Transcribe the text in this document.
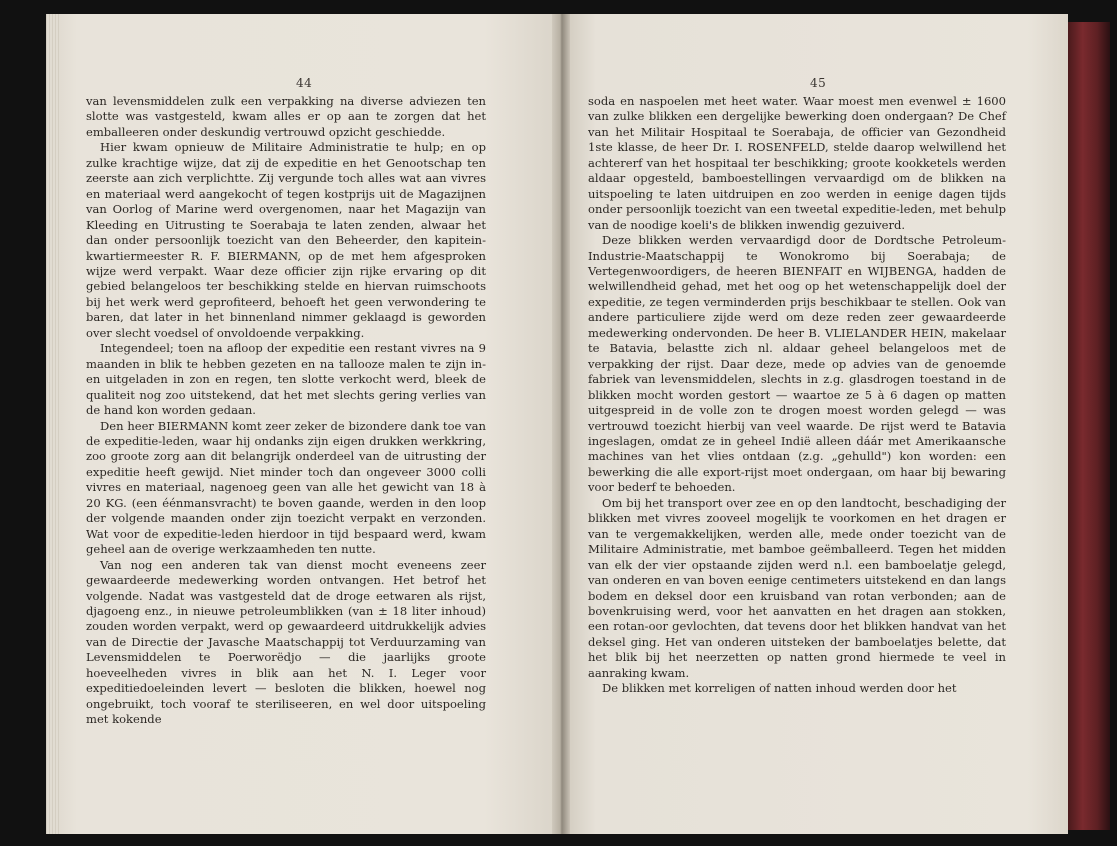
44	45

van levensmiddelen zulk een verpakking na diverse adviezen ten slotte was vastgesteld, kwam alles er op aan te zorgen dat het emballeeren onder deskundig vertrouwd opzicht geschiedde.

Hier kwam opnieuw de Militaire Administratie te hulp; en op zulke krachtige wijze, dat zij de expeditie en het Genootschap ten zeerste aan zich verplichtte. Zij vergunde toch alles wat aan vivres en materiaal werd aangekocht of tegen kostprijs uit de Magazijnen van Oorlog of Marine werd overgenomen, naar het Magazijn van Kleeding en Uitrusting te Soerabaja te laten zenden, alwaar het dan onder persoonlijk toezicht van den Beheerder, den kapitein-kwartiermeester R. F. BIERMANN, op de met hem afgesproken wijze werd verpakt. Waar deze officier zijn rijke ervaring op dit gebied belangeloos ter beschikking stelde en hiervan ruimschoots bij het werk werd geprofiteerd, behoeft het geen verwondering te baren, dat later in het binnenland nimmer geklaagd is geworden over slecht voedsel of onvoldoende verpakking.

Integendeel; toen na afloop der expeditie een restant vivres na 9 maanden in blik te hebben gezeten en na tallooze malen te zijn in- en uitgeladen in zon en regen, ten slotte verkocht werd, bleek de qualiteit nog zoo uitstekend, dat het met slechts gering verlies van de hand kon worden gedaan.

Den heer BIERMANN komt zeer zeker de bizondere dank toe van de expeditie-leden, waar hij ondanks zijn eigen drukken werkkring, zoo groote zorg aan dit belangrijk onderdeel van de uitrusting der expeditie heeft gewijd. Niet minder toch dan ongeveer 3000 colli vivres en materiaal, nagenoeg geen van alle het gewicht van 18 à 20 KG. (een éénmansvracht) te boven gaande, werden in den loop der volgende maanden onder zijn toezicht verpakt en verzonden. Wat voor de expeditie-leden hierdoor in tijd bespaard werd, kwam geheel aan de overige werkzaamheden ten nutte.

Van nog een anderen tak van dienst mocht eveneens zeer gewaardeerde medewerking worden ontvangen. Het betrof het volgende. Nadat was vastgesteld dat de droge eetwaren als rijst, djagoeng enz., in nieuwe petroleumblikken (van ± 18 liter inhoud) zouden worden verpakt, werd op gewaardeerd uitdrukkelijk advies van de Directie der Javasche Maatschappij tot Verduurzaming van Levensmiddelen te Poerworëdjo — die jaarlijks groote hoeveelheden vivres in blik aan het N. I. Leger voor expeditiedoeleinden levert — besloten die blikken, hoewel nog ongebruikt, toch vooraf te steriliseeren, en wel door uitspoeling met kokende

soda en naspoelen met heet water. Waar moest men evenwel ± 1600 van zulke blikken een dergelijke bewerking doen ondergaan? De Chef van het Militair Hospitaal te Soerabaja, de officier van Gezondheid 1ste klasse, de heer Dr. I. ROSENFELD, stelde daarop welwillend het achtererf van het hospitaal ter beschikking; groote kookketels werden aldaar opgesteld, bamboestellingen vervaardigd om de blikken na uitspoeling te laten uitdruipen en zoo werden in eenige dagen tijds onder persoonlijk toezicht van een tweetal expeditie-leden, met behulp van de noodige koeli's de blikken inwendig gezuiverd.

Deze blikken werden vervaardigd door de Dordtsche Petroleum-Industrie-Maatschappij te Wonokromo bij Soerabaja; de Vertegenwoordigers, de heeren BIENFAIT en WIJBENGA, hadden de welwillendheid gehad, met het oog op het wetenschappelijk doel der expeditie, ze tegen verminderden prijs beschikbaar te stellen. Ook van andere particuliere zijde werd om deze reden zeer gewaardeerde medewerking ondervonden. De heer B. VLIELANDER HEIN, makelaar te Batavia, belastte zich nl. aldaar geheel belangeloos met de verpakking der rijst. Daar deze, mede op advies van de genoemde fabriek van levensmiddelen, slechts in z.g. glasdrogen toestand in de blikken mocht worden gestort — waartoe ze 5 à 6 dagen op matten uitgespreid in de volle zon te drogen moest worden gelegd — was vertrouwd toezicht hierbij van veel waarde. De rijst werd te Batavia ingeslagen, omdat ze in geheel Indië alleen dáár met Amerikaansche machines van het vlies ontdaan (z.g. „gehulld") kon worden: een bewerking die alle export-rijst moet ondergaan, om haar bij bewaring voor bederf te behoeden.

Om bij het transport over zee en op den landtocht, beschadiging der blikken met vivres zooveel mogelijk te voorkomen en het dragen er van te vergemakkelijken, werden alle, mede onder toezicht van de Militaire Administratie, met bamboe geëmballeerd. Tegen het midden van elk der vier opstaande zijden werd n.l. een bamboelatje gelegd, van onderen en van boven eenige centimeters uitstekend en dan langs bodem en deksel door een kruisband van rotan verbonden; aan de bovenkruising werd, voor het aanvatten en het dragen aan stokken, een rotan-oor gevlochten, dat tevens door het blikken handvat van het deksel ging. Het van onderen uitsteken der bamboelatjes belette, dat het blik bij het neerzetten op natten grond hiermede te veel in aanraking kwam.

De blikken met korreligen of natten inhoud werden door het
